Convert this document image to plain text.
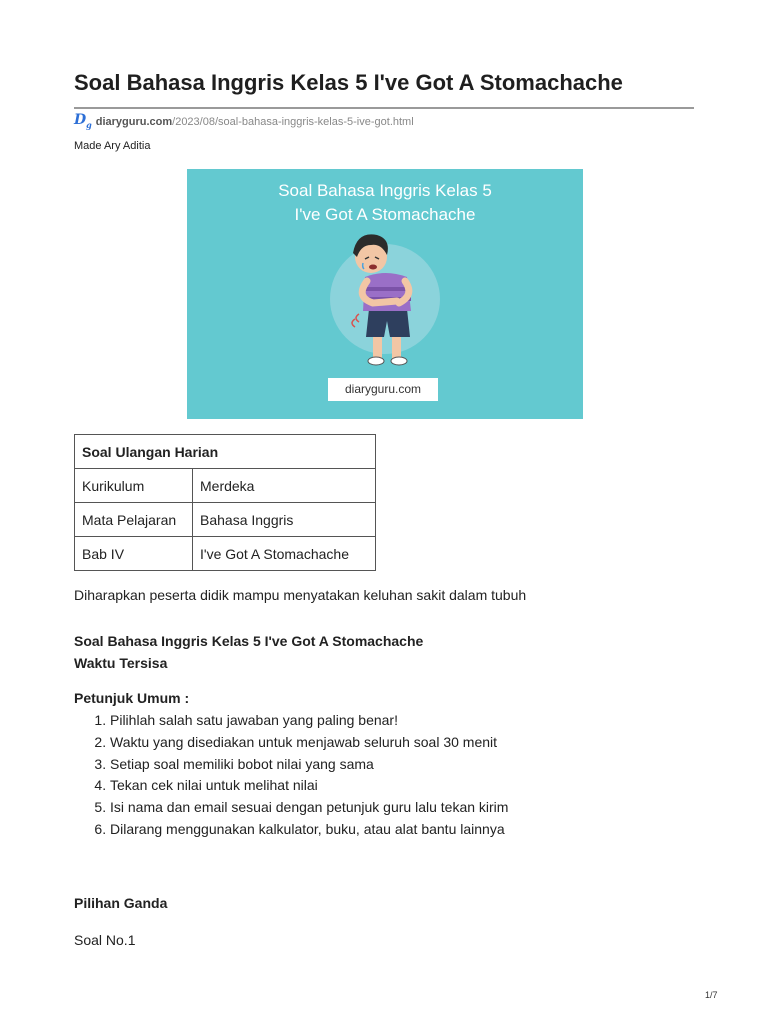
Soal Bahasa Inggris Kelas 5 I've Got A Stomachache
$D_g$ diaryguru.com /2023/08/soal-bahasa-inggris-kelas-5-ive-got.html
Made Ary Aditia
Soal Bahasa Inggris Kelas 5
I've Got A Stomachache
diaryguru.com
Soal Ulangan Harian	
Kurikulum	Merdeka
Mata Pelajaran	Bahasa Inggris
Bab IV	I've Got A Stomachache
Diharapkan peserta didik mampu menyatakan keluhan sakit dalam tubuh
Soal Bahasa Inggris Kelas 5 I've Got A Stomachache
Waktu Tersisa
Petunjuk Umum :
1. Pilihlah salah satu jawaban yang paling benar!
2. Waktu yang disediakan untuk menjawab seluruh soal 30 menit
3. Setiap soal memiliki bobot nilai yang sama
4. Tekan cek nilai untuk melihat nilai
5. Isi nama dan email sesuai dengan petunjuk guru lalu tekan kirim
6. Dilarang menggunakan kalkulator, buku, atau alat bantu lainnya
Pilihan Ganda
Soal No.1
1/7
